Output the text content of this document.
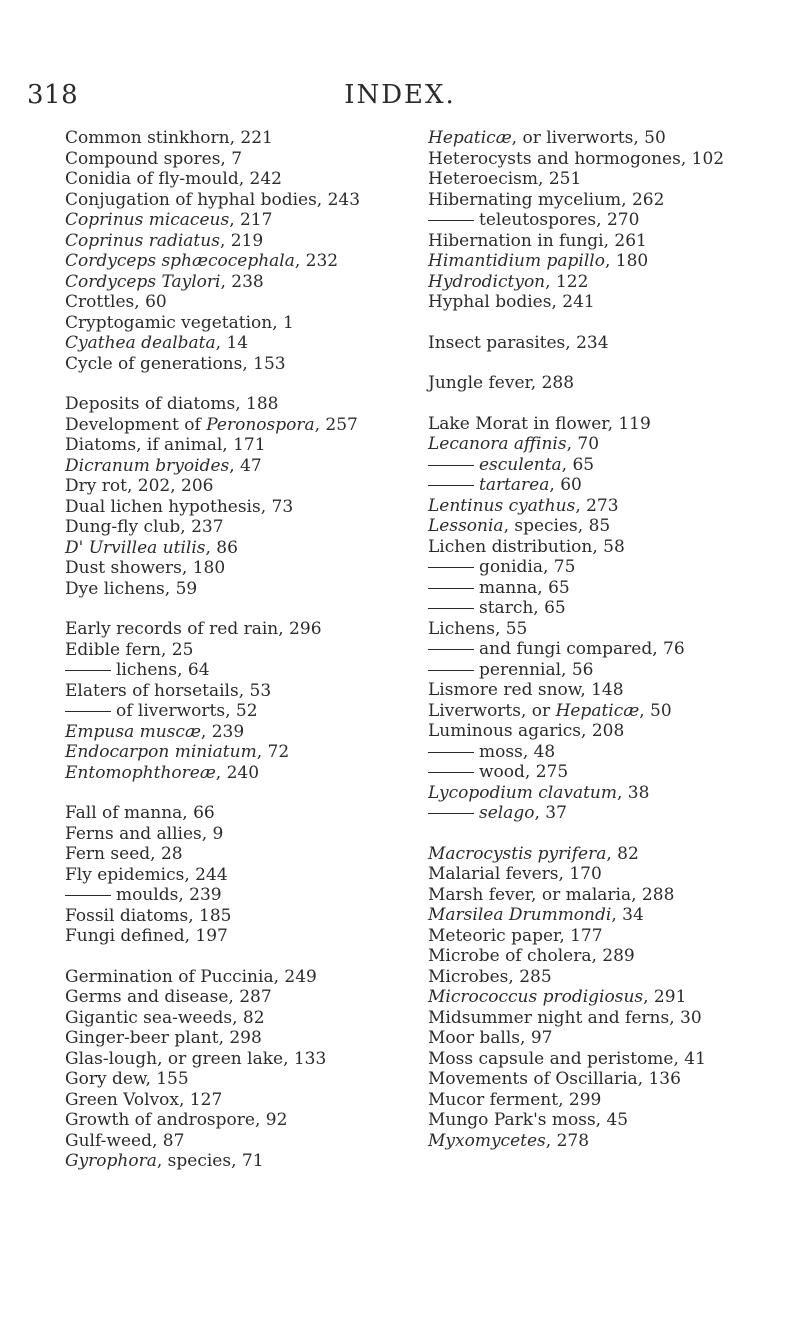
318	INDEX.
Common stinkhorn, 221
Compound spores, 7
Conidia of fly-mould, 242
Conjugation of hyphal bodies, 243
Coprinus micaceus, 217
Coprinus radiatus, 219
Cordyceps sphæcocephala, 232
Cordyceps Taylori, 238
Crottles, 60
Cryptogamic vegetation, 1
Cyathea dealbata, 14
Cycle of generations, 153
Deposits of diatoms, 188
Development of Peronospora, 257
Diatoms, if animal, 171
Dicranum bryoides, 47
Dry rot, 202, 206
Dual lichen hypothesis, 73
Dung-fly club, 237
D' Urvillea utilis, 86
Dust showers, 180
Dye lichens, 59
Early records of red rain, 296
Edible fern, 25
lichens, 64
Elaters of horsetails, 53
of liverworts, 52
Empusa muscæ, 239
Endocarpon miniatum, 72
Entomophthoreæ, 240
Fall of manna, 66
Ferns and allies, 9
Fern seed, 28
Fly epidemics, 244
moulds, 239
Fossil diatoms, 185
Fungi defined, 197
Germination of Puccinia, 249
Germs and disease, 287
Gigantic sea-weeds, 82
Ginger-beer plant, 298
Glas-lough, or green lake, 133
Gory dew, 155
Green Volvox, 127
Growth of androspore, 92
Gulf-weed, 87
Gyrophora, species, 71
Hepaticæ, or liverworts, 50
Heterocysts and hormogones, 102
Heteroecism, 251
Hibernating mycelium, 262
teleutospores, 270
Hibernation in fungi, 261
Himantidium papillo, 180
Hydrodictyon, 122
Hyphal bodies, 241
Insect parasites, 234
Jungle fever, 288
Lake Morat in flower, 119
Lecanora affinis, 70
esculenta, 65
tartarea, 60
Lentinus cyathus, 273
Lessonia, species, 85
Lichen distribution, 58
gonidia, 75
manna, 65
starch, 65
Lichens, 55
and fungi compared, 76
perennial, 56
Lismore red snow, 148
Liverworts, or Hepaticæ, 50
Luminous agarics, 208
moss, 48
wood, 275
Lycopodium clavatum, 38
selago, 37
Macrocystis pyrifera, 82
Malarial fevers, 170
Marsh fever, or malaria, 288
Marsilea Drummondi, 34
Meteoric paper, 177
Microbe of cholera, 289
Microbes, 285
Micrococcus prodigiosus, 291
Midsummer night and ferns, 30
Moor balls, 97
Moss capsule and peristome, 41
Movements of Oscillaria, 136
Mucor ferment, 299
Mungo Park's moss, 45
Myxomycetes, 278
